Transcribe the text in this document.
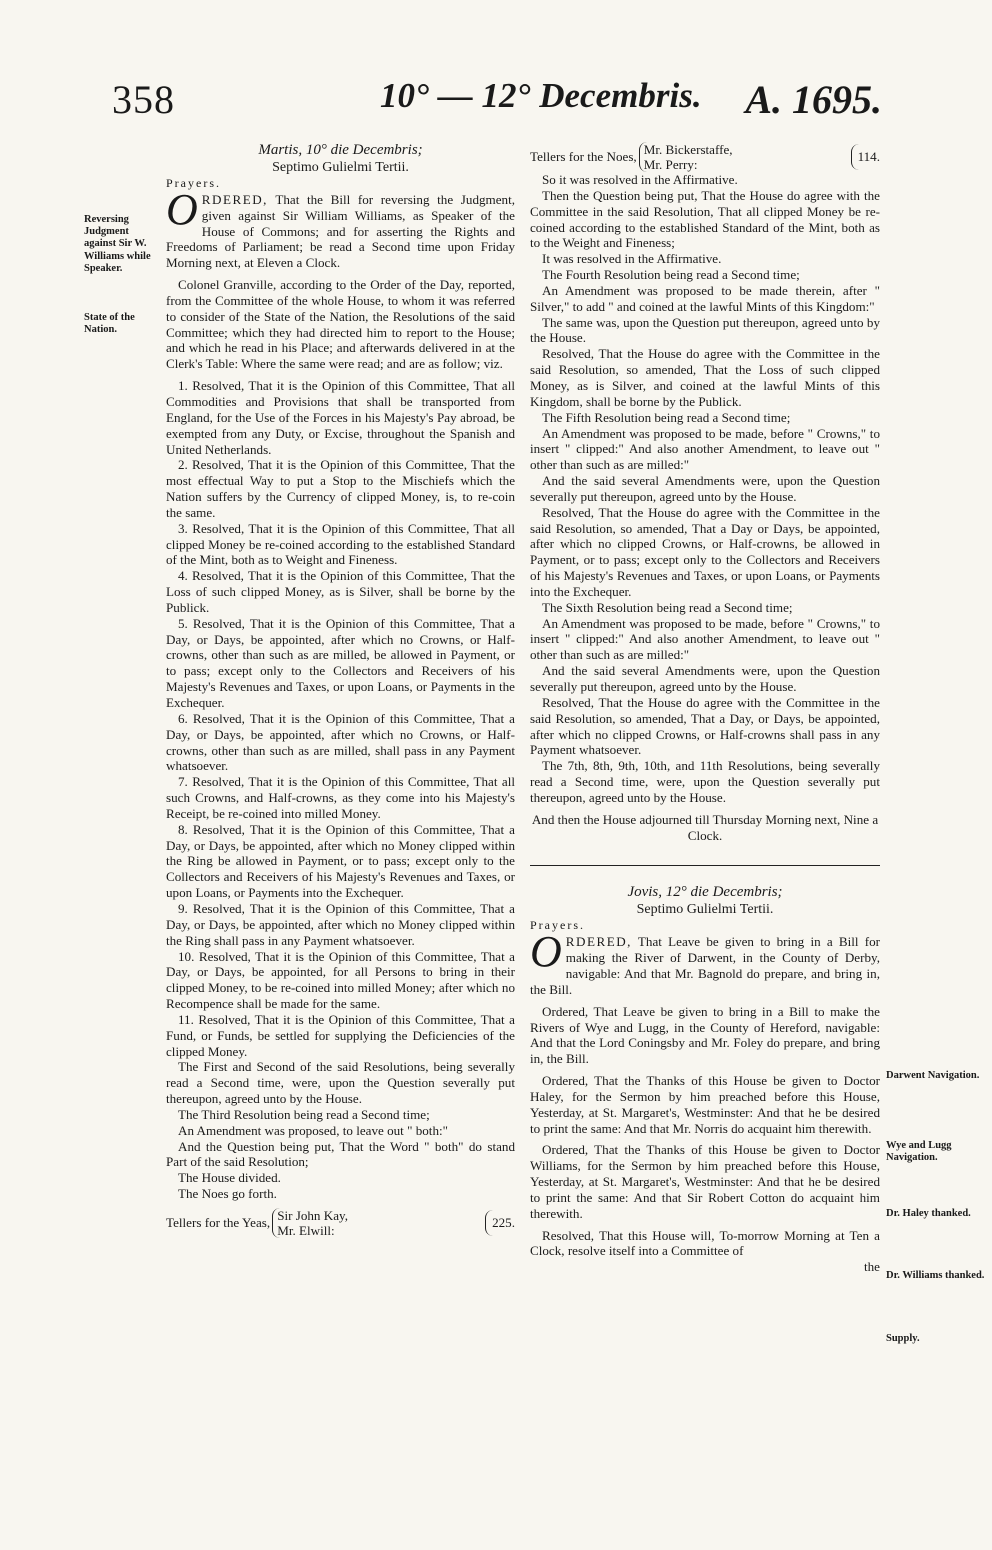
358	10° — 12° Decembris. A. 1695.
Martis, 10° die Decembris;
Septimo Gulielmi Tertii.

Prayers.

ORDERED, That the Bill for reversing the Judgment, given against Sir William Williams, as Speaker of the House of Commons; and for asserting the Rights and Freedoms of Parliament; be read a Second time upon Friday Morning next, at Eleven a Clock.

Colonel Granville, according to the Order of the Day, reported, from the Committee of the whole House, to whom it was referred to consider of the State of the Nation, the Resolutions of the said Committee; which they had directed him to report to the House; and which he read in his Place; and afterwards delivered in at the Clerk's Table: Where the same were read; and are as follow; viz.

1. Resolved, That it is the Opinion of this Committee, That all Commodities and Provisions that shall be transported from England, for the Use of the Forces in his Majesty's Pay abroad, be exempted from any Duty, or Excise, throughout the Spanish and United Netherlands.

2. Resolved, That it is the Opinion of this Committee, That the most effectual Way to put a Stop to the Mischiefs which the Nation suffers by the Currency of clipped Money, is, to re-coin the same.

3. Resolved, That it is the Opinion of this Committee, That all clipped Money be re-coined according to the established Standard of the Mint, both as to Weight and Fineness.

4. Resolved, That it is the Opinion of this Committee, That the Loss of such clipped Money, as is Silver, shall be borne by the Publick.

5. Resolved, That it is the Opinion of this Committee, That a Day, or Days, be appointed, after which no Crowns, or Half-crowns, other than such as are milled, be allowed in Payment, or to pass; except only to the Collectors and Receivers of his Majesty's Revenues and Taxes, or upon Loans, or Payments in the Exchequer.

6. Resolved, That it is the Opinion of this Committee, That a Day, or Days, be appointed, after which no Crowns, or Half-crowns, other than such as are milled, shall pass in any Payment whatsoever.

7. Resolved, That it is the Opinion of this Committee, That all such Crowns, and Half-crowns, as they come into his Majesty's Receipt, be re-coined into milled Money.

8. Resolved, That it is the Opinion of this Committee, That a Day, or Days, be appointed, after which no Money clipped within the Ring be allowed in Payment, or to pass; except only to the Collectors and Receivers of his Majesty's Revenues and Taxes, or upon Loans, or Payments into the Exchequer.

9. Resolved, That it is the Opinion of this Committee, That a Day, or Days, be appointed, after which no Money clipped within the Ring shall pass in any Payment whatsoever.

10. Resolved, That it is the Opinion of this Committee, That a Day, or Days, be appointed, for all Persons to bring in their clipped Money, to be re-coined into milled Money; after which no Recompence shall be made for the same.

11. Resolved, That it is the Opinion of this Committee, That a Fund, or Funds, be settled for supplying the Deficiencies of the clipped Money.

The First and Second of the said Resolutions, being severally read a Second time, were, upon the Question severally put thereupon, agreed unto by the House.

The Third Resolution being read a Second time;

An Amendment was proposed, to leave out " both:"

And the Question being put, That the Word " both" do stand Part of the said Resolution;

The House divided.

The Noes go forth.

Tellers for the Yeas, Sir John Kay,
Mr. Elwill:
225.
Tellers for the Noes, Mr. Bickerstaffe,
Mr. Perry:
114.

So it was resolved in the Affirmative.

Then the Question being put, That the House do agree with the Committee in the said Resolution, That all clipped Money be re-coined according to the established Standard of the Mint, both as to the Weight and Fineness;

It was resolved in the Affirmative.

The Fourth Resolution being read a Second time;

An Amendment was proposed to be made therein, after " Silver," to add " and coined at the lawful Mints of this Kingdom:"

The same was, upon the Question put thereupon, agreed unto by the House.

Resolved, That the House do agree with the Committee in the said Resolution, so amended, That the Loss of such clipped Money, as is Silver, and coined at the lawful Mints of this Kingdom, shall be borne by the Publick.

The Fifth Resolution being read a Second time;

An Amendment was proposed to be made, before " Crowns," to insert " clipped:" And also another Amendment, to leave out " other than such as are milled:"

And the said several Amendments were, upon the Question severally put thereupon, agreed unto by the House.

Resolved, That the House do agree with the Committee in the said Resolution, so amended, That a Day or Days, be appointed, after which no clipped Crowns, or Half-crowns, be allowed in Payment, or to pass; except only to the Collectors and Receivers of his Majesty's Revenues and Taxes, or upon Loans, or Payments into the Exchequer.

The Sixth Resolution being read a Second time;

An Amendment was proposed to be made, before " Crowns," to insert " clipped:" And also another Amendment, to leave out " other than such as are milled:"

And the said several Amendments were, upon the Question severally put thereupon, agreed unto by the House.

Resolved, That the House do agree with the Committee in the said Resolution, so amended, That a Day, or Days, be appointed, after which no clipped Crowns, or Half-crowns shall pass in any Payment whatsoever.

The 7th, 8th, 9th, 10th, and 11th Resolutions, being severally read a Second time, were, upon the Question severally put thereupon, agreed unto by the House.

And then the House adjourned till Thursday Morning next, Nine a Clock.

Jovis, 12° die Decembris;
Septimo Gulielmi Tertii.

Prayers.

ORDERED, That Leave be given to bring in a Bill for making the River of Darwent, in the County of Derby, navigable: And that Mr. Bagnold do prepare, and bring in, the Bill.

Ordered, That Leave be given to bring in a Bill to make the Rivers of Wye and Lugg, in the County of Hereford, navigable: And that the Lord Coningsby and Mr. Foley do prepare, and bring in, the Bill.

Ordered, That the Thanks of this House be given to Doctor Haley, for the Sermon by him preached before this House, Yesterday, at St. Margaret's, Westminster: And that he be desired to print the same: And that Mr. Norris do acquaint him therewith.

Ordered, That the Thanks of this House be given to Doctor Williams, for the Sermon by him preached before this House, Yesterday, at St. Margaret's, Westminster: And that he be desired to print the same: And that Sir Robert Cotton do acquaint him therewith.

Resolved, That this House will, To-morrow Morning at Ten a Clock, resolve itself into a Committee of

the

Reversing Judgment against Sir W. Williams while Speaker.
State of the Nation.
Darwent Navigation.
Wye and Lugg Navigation.
Dr. Haley thanked.
Dr. Williams thanked.
Supply.
